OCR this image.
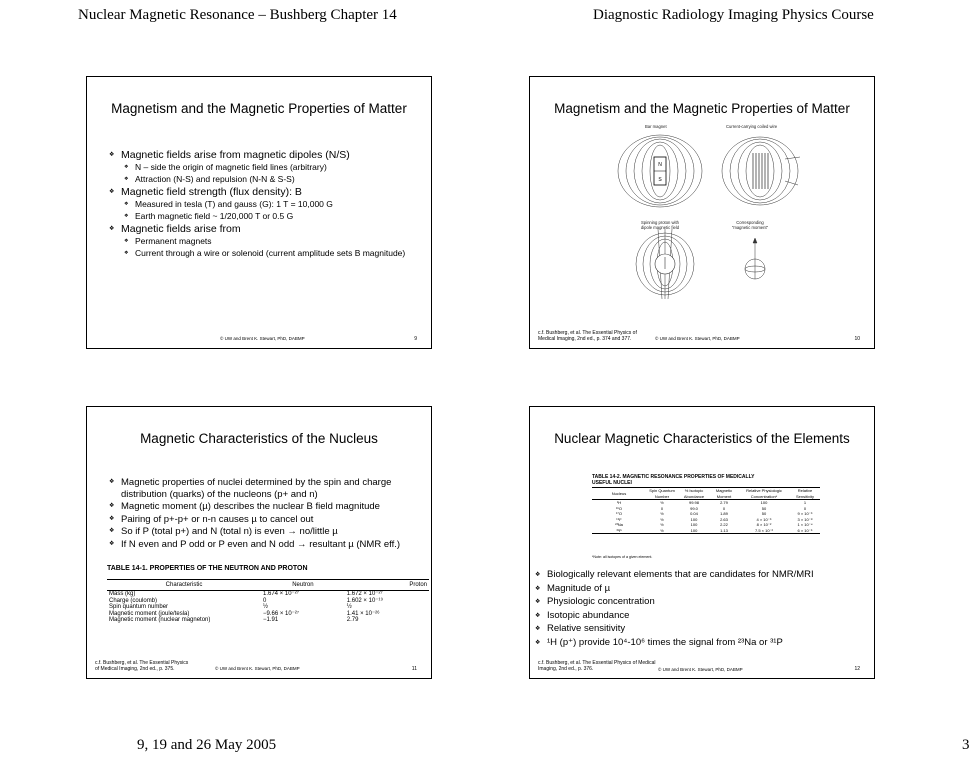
Nuclear Magnetic Resonance – Bushberg Chapter 14	Diagnostic Radiology Imaging Physics Course
Magnetism and the Magnetic Properties of Matter
❖ Magnetic fields arise from magnetic dipoles (N/S)
❖ N – side the origin of magnetic field lines (arbitrary)
❖ Attraction (N-S) and repulsion (N-N & S-S)
❖ Magnetic field strength (flux density): B
❖ Measured in tesla (T) and gauss (G): 1 T = 10,000 G
❖ Earth magnetic field ~ 1/20,000 T or 0.5 G
❖ Magnetic fields arise from
❖ Permanent magnets
❖ Current through a wire or solenoid (current amplitude sets B magnitude)
© UW and Brent K. Stewart, PhD, DABMP	9
Magnetism and the Magnetic Properties of Matter
Bar magnet	Current-carrying coiled wire
N
S
Spinning proton with dipole magnetic field
Corresponding "magnetic moment"
c.f. Bushberg, et al. The Essential Physics of
Medical Imaging, 2nd ed., p. 374 and 377.	© UW and Brent K. Stewart, PhD, DABMP	10
Magnetic Characteristics of the Nucleus
❖ Magnetic properties of nuclei determined by the spin and charge distribution (quarks) of the nucleons (p+ and n)
❖ Magnetic moment (µ) describes the nuclear B field magnitude
❖ Pairing of p+-p+ or n-n causes µ to cancel out
❖ So if P (total p+) and N (total n) is even → no/little µ
❖ If N even and P odd or P even and N odd → resultant µ (NMR eff.)
TABLE 14-1. PROPERTIES OF THE NEUTRON AND PROTON
Characteristic	Neutron	Proton
Mass (kg)	1.674 × 10⁻²⁷	1.672 × 10⁻²⁷
Charge (coulomb)	0	1.602 × 10⁻¹⁹
Spin quantum number	½	½
Magnetic moment (joule/tesla)	−9.66 × 10⁻²⁷	1.41 × 10⁻²⁶
Magnetic moment (nuclear magneton)	−1.91	2.79
c.f. Bushberg, et al. The Essential Physics
of Medical Imaging, 2nd ed., p. 375.	© UW and Brent K. Stewart, PhD, DABMP	11
Nuclear Magnetic Characteristics of the Elements
TABLE 14-2. MAGNETIC RESONANCE PROPERTIES OF MEDICALLY
USEFUL NUCLEI
Nucleus	Spin Quantum Number	% Isotopic Abundance	Magnetic Moment	Relative Physiologic Concentration*	Relative Sensitivity
¹H	½	99.98	2.79	100	1
¹⁶O	0	99.0	0	50	0
¹⁷O	½	0.04	1.89	50	9 × 10⁻⁶
¹⁹F	½	100	2.63	4 × 10⁻⁶	3 × 10⁻⁸
²³Na	½	100	2.22	8 × 10⁻²	1 × 10⁻⁴
³¹P	½	100	1.13	7.5 × 10⁻²	6 × 10⁻⁵
*Note: all isotopes of a given element.
❖ Biologically relevant elements that are candidates for NMR/MRI
❖ Magnitude of µ
❖ Physiologic concentration
❖ Isotopic abundance
❖ Relative sensitivity
❖ ¹H (p⁺) provide 10⁴-10⁶ times the signal from ²³Na or ³¹P
c.f. Bushberg, et al. The Essential Physics of Medical
Imaging, 2nd ed., p. 376.	© UW and Brent K. Stewart, PhD, DABMP	12
9, 19 and 26 May 2005	3
